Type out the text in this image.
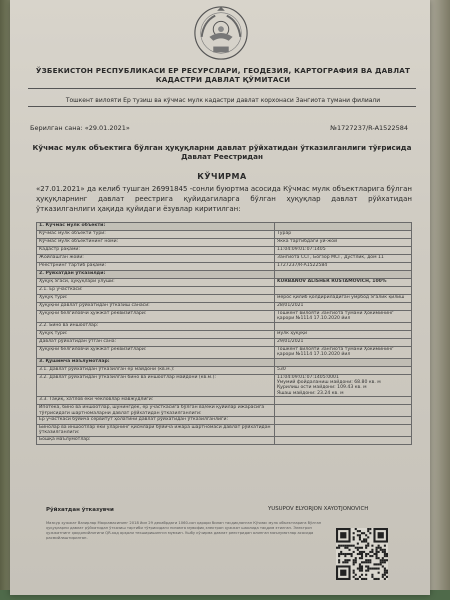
ЎЗБЕКИСТОН РЕСПУБЛИКАСИ ЕР РЕСУРСЛАРИ, ГЕОДЕЗИЯ, КАРТОГРАФИЯ ВА ДАВЛАТ КАДАСТРИ ДАВЛАТ ҚЎМИТАСИ
Тошкент вилояти Ер тузиш ва кўчмас мулк кадастри давлат корхонаси Зангиота тумани филиали
Берилган сана: «29.01.2021»	№1727237/R-A1522584
Кўчмас мулк объектига бўлган ҳуқуқларни давлат рўйхатидан ўтказилганлиги тўғрисида Давлат Реестридан
КЎЧИРМА
«27.01.2021» да келиб тушган 26991845 -сонли буюртма асосида Кўчмас мулк объектларига бўлган ҳуқуқларнинг давлат реестрига қуйидагиларга бўлган ҳуқуқлар давлат рўйхатидан ўтказилганлиги ҳақида қуйидаги ёзувлар киритилган:
1. Кўчмас мулк объекти:	
Кўчмас мулк объекти тури:	Турар
Кўчмас мулк объектининг номи:	Якка тартибдаги уй-жой
Кадастр рақами:	11:04:09:01:07:1405
Жойлашган жойи:	Зангиота ССГ, Богзор МСГ, Дустлик, дом 11
Реестрнинг тартиб рақами:	1727237/R-A1522584
2. Рўйхатдан ўтказилди:	
Ҳуқуқ эгаси, ҳуқуқлари улуши:	KURBANOV ALISHER RUSTAMOVICH, 100%
2.1. Ер участкаси:	
Ҳуқуқ тури:	мерос қилиб қолдириладиган умрбод эгалик қилиш
Ҳуқуқни давлат рўйхатидан ўтказиш санаси:	28/01/2021
Ҳуқуқни белгиловчи ҳужжат реквизитлари:	Тошкент вилояти Зангиота тумани Ҳокимининг қарори №1114 17.10.2020 йил
2.2. Бино ва иншоотлар:	
Ҳуқуқ тури:	мулк ҳуқуқи
Давлат рўйхатидан ўтган сана:	29/01/2021
Ҳуқуқни белгиловчи ҳужжат реквизитлари:	Тошкент вилояти Зангиота тумани Ҳокимининг қарори №1114 17.10.2020 йил
3. Қўшимча маълумотлар:	
3.1. Давлат рўйхатидан ўтказилган ер майдони (кв.м.):	530
3.2. Давлат рўйхатидан ўтказилган бино ва иншоотлар майдони (кв.м.):	11:04:09:01:07:1405:0001
Умумий фойдаланиш майдони: 68.80 кв. м
Қурилиш ости майдони: 109.43 кв. м
Яшаш майдони: 23.24 кв. м
3.3. Тақиқ, хатлов ёки чекловлар мавжудлиги:	
Ипотека, бино ва иншоотлар, шунингдек, ер участкасига бўлган ва/ёки қуйилар ижарасига тўғрисидаги шартномаларни давлат рўйхатидан ўтказилганлиги:	
Ер участкаси бўйича сервитут ҳолатини давлат рўйхатидан ўтказилганлиги:	
Бинолар ва иншоотлар ёки уларнинг қисмлари бўйича ижара шартномаси давлат рўйхатидан ўтказилганлиги:	
Бошқа маълумотлар:	
Рўйхатдан ўтказувчи	YUSUPOV ELYORJON XAYOTJONOVICH
Мазкур ҳужжат Вазирлар Маҳкамасининг 2018 йил 29 декабрдаги 1060-сон қарори билан тасдиқланган Кўчмас мулк объектларига бўлган ҳуқуқларни давлат рўйхатидан ўтказиш тартиби тўғрисидаги низомга мувофиқ электрон ҳужжат шаклида тақдим этилган. Электрон ҳужжатнинг ҳаққонийлигини QR-код орқали текширишингиз мумкин. Ушбу кўчирма давлат реестридан олинган маълумотлар асосида расмийлаштирилган.
